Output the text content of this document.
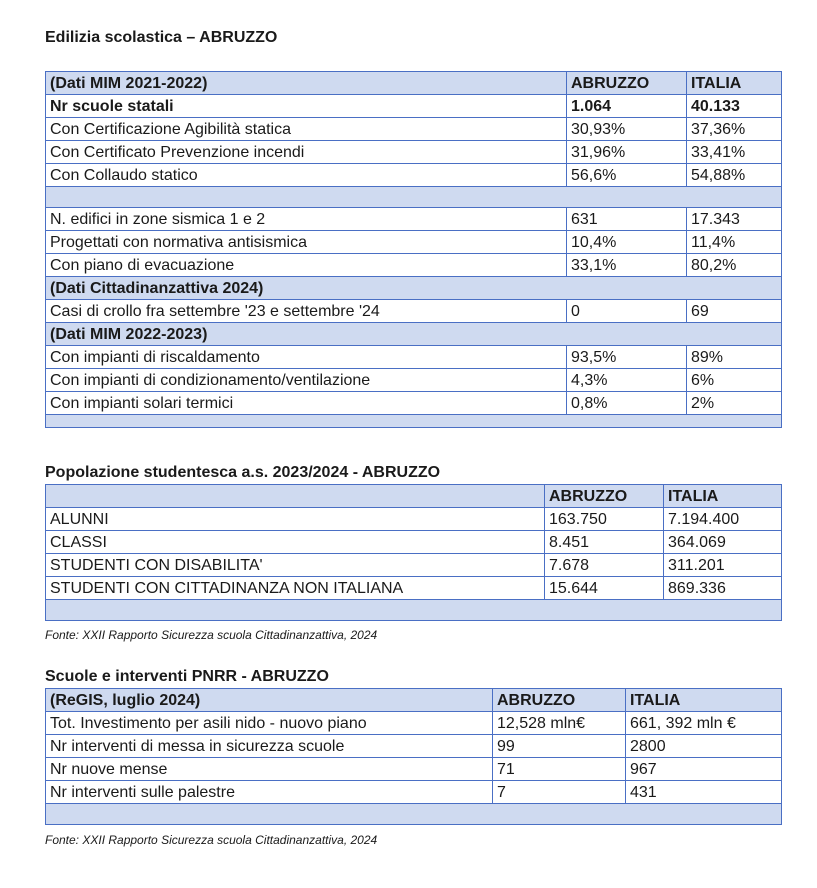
Edilizia scolastica – ABRUZZO
(Dati MIM 2021-2022)	ABRUZZO	ITALIA
Nr scuole statali	1.064	40.133
Con Certificazione Agibilità statica	30,93%	37,36%
Con Certificato Prevenzione incendi	31,96%	33,41%
Con Collaudo statico	56,6%	54,88%

N. edifici in zone sismica 1 e 2	631	17.343
Progettati con normativa antisismica	10,4%	11,4%
Con piano di evacuazione	33,1%	80,2%
(Dati Cittadinanzattiva 2024)		
Casi di crollo fra settembre '23 e settembre '24	0	69
(Dati MIM 2022-2023)		
Con impianti di riscaldamento	93,5%	89%
Con impianti di condizionamento/ventilazione	4,3%	6%
Con impianti solari termici	0,8%	2%

Popolazione studentesca a.s. 2023/2024 - ABRUZZO
	ABRUZZO	ITALIA
ALUNNI	163.750	7.194.400
CLASSI	8.451	364.069
STUDENTI CON DISABILITA'	7.678	311.201
STUDENTI CON CITTADINANZA NON ITALIANA	15.644	869.336

Fonte: XXII Rapporto Sicurezza scuola Cittadinanzattiva, 2024
Scuole e interventi PNRR - ABRUZZO
(ReGIS, luglio 2024)	ABRUZZO	ITALIA
Tot. Investimento per asili nido - nuovo piano	12,528 mln€	661, 392 mln €
Nr interventi di messa in sicurezza scuole	99	2800
Nr nuove mense	71	967
Nr interventi sulle palestre	7	431

Fonte: XXII Rapporto Sicurezza scuola Cittadinanzattiva, 2024
